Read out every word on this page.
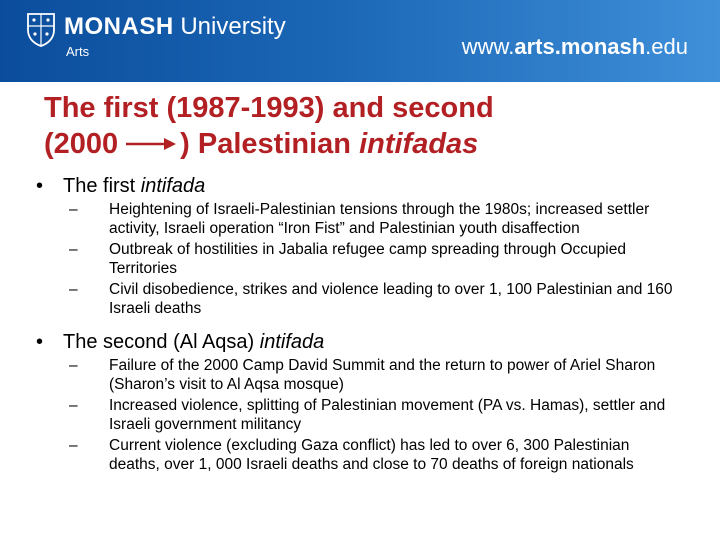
MONASH University
Arts	www.arts.monash.edu
The first (1987-1993) and second
(2000 ) Palestinian intifadas
• The first intifada
–	Heightening of Israeli-Palestinian tensions through the 1980s; increased settler activity, Israeli operation “Iron Fist” and Palestinian youth disaffection
–	Outbreak of hostilities in Jabalia refugee camp spreading through Occupied Territories
–	Civil disobedience, strikes and violence leading to over 1, 100 Palestinian and 160 Israeli deaths
• The second (Al Aqsa) intifada
–	Failure of the 2000 Camp David Summit and the return to power of Ariel Sharon (Sharon’s visit to Al Aqsa mosque)
–	Increased violence, splitting of Palestinian movement (PA vs. Hamas), settler and Israeli government militancy
–	Current violence (excluding Gaza conflict) has led to over 6, 300 Palestinian deaths, over 1, 000 Israeli deaths and close to 70 deaths of foreign nationals
